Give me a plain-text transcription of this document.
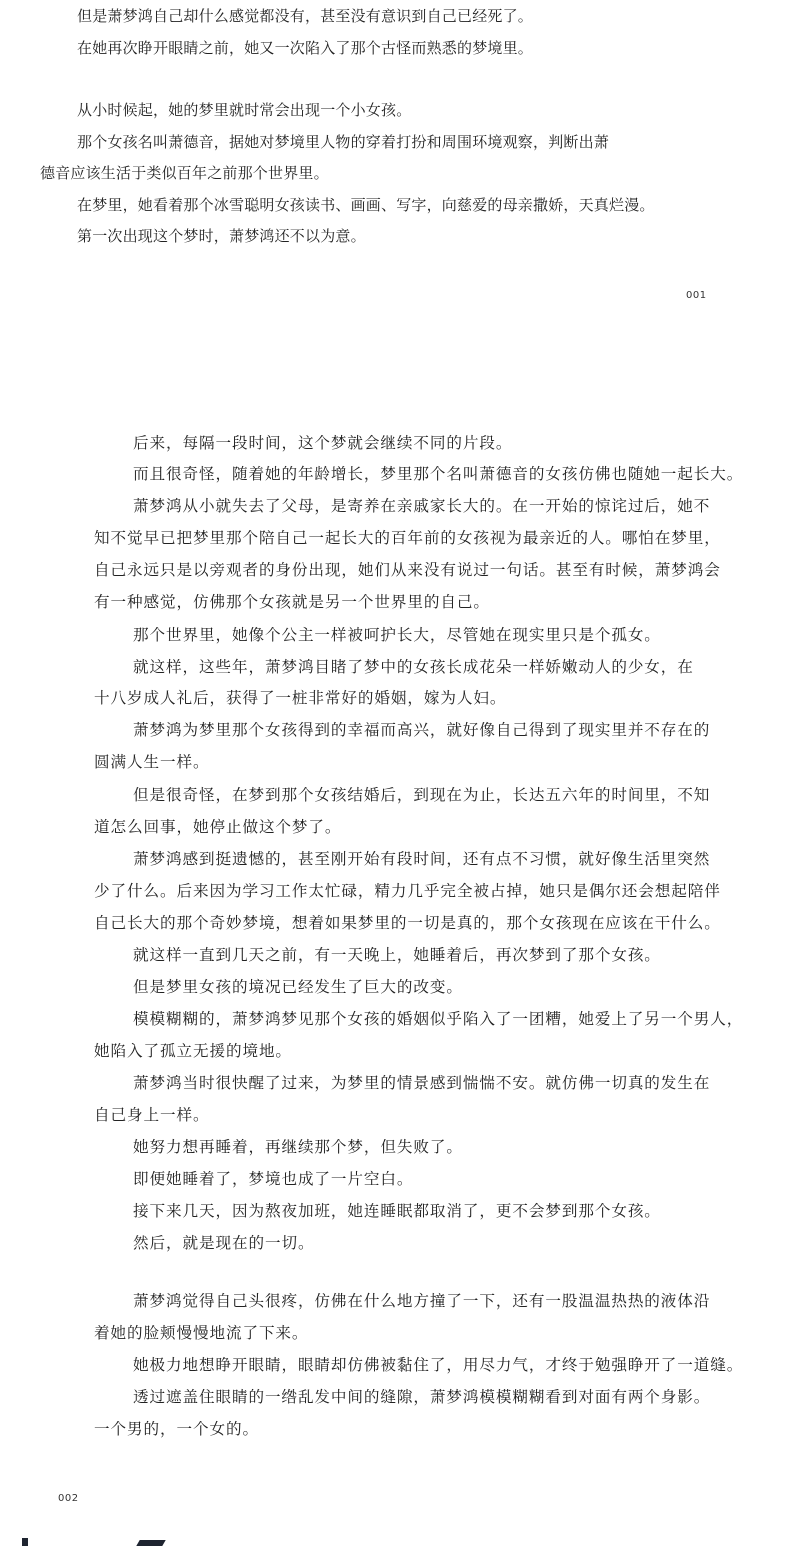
但是萧梦鸿自己却什么感觉都没有，甚至没有意识到自己已经死了。
在她再次睁开眼睛之前，她又一次陷入了那个古怪而熟悉的梦境里。
从小时候起，她的梦里就时常会出现一个小女孩。
那个女孩名叫萧德音，据她对梦境里人物的穿着打扮和周围环境观察，判断出萧
德音应该生活于类似百年之前那个世界里。
在梦里，她看着那个冰雪聪明女孩读书、画画、写字，向慈爱的母亲撒娇，天真烂漫。
第一次出现这个梦时，萧梦鸿还不以为意。
001
后来，每隔一段时间，这个梦就会继续不同的片段。
而且很奇怪，随着她的年龄增长，梦里那个名叫萧德音的女孩仿佛也随她一起长大。
萧梦鸿从小就失去了父母，是寄养在亲戚家长大的。在一开始的惊诧过后，她不
知不觉早已把梦里那个陪自己一起长大的百年前的女孩视为最亲近的人。哪怕在梦里，
自己永远只是以旁观者的身份出现，她们从来没有说过一句话。甚至有时候，萧梦鸿会
有一种感觉，仿佛那个女孩就是另一个世界里的自己。
那个世界里，她像个公主一样被呵护长大，尽管她在现实里只是个孤女。
就这样，这些年，萧梦鸿目睹了梦中的女孩长成花朵一样娇嫩动人的少女，在
十八岁成人礼后，获得了一桩非常好的婚姻，嫁为人妇。
萧梦鸿为梦里那个女孩得到的幸福而高兴，就好像自己得到了现实里并不存在的
圆满人生一样。
但是很奇怪，在梦到那个女孩结婚后，到现在为止，长达五六年的时间里，不知
道怎么回事，她停止做这个梦了。
萧梦鸿感到挺遗憾的，甚至刚开始有段时间，还有点不习惯，就好像生活里突然
少了什么。后来因为学习工作太忙碌，精力几乎完全被占掉，她只是偶尔还会想起陪伴
自己长大的那个奇妙梦境，想着如果梦里的一切是真的，那个女孩现在应该在干什么。
就这样一直到几天之前，有一天晚上，她睡着后，再次梦到了那个女孩。
但是梦里女孩的境况已经发生了巨大的改变。
模模糊糊的，萧梦鸿梦见那个女孩的婚姻似乎陷入了一团糟，她爱上了另一个男人，
她陷入了孤立无援的境地。
萧梦鸿当时很快醒了过来，为梦里的情景感到惴惴不安。就仿佛一切真的发生在
自己身上一样。
她努力想再睡着，再继续那个梦，但失败了。
即便她睡着了，梦境也成了一片空白。
接下来几天，因为熬夜加班，她连睡眠都取消了，更不会梦到那个女孩。
然后，就是现在的一切。
萧梦鸿觉得自己头很疼，仿佛在什么地方撞了一下，还有一股温温热热的液体沿
着她的脸颊慢慢地流了下来。
她极力地想睁开眼睛，眼睛却仿佛被黏住了，用尽力气，才终于勉强睁开了一道缝。
透过遮盖住眼睛的一绺乱发中间的缝隙，萧梦鸿模模糊糊看到对面有两个身影。
一个男的，一个女的。
002
